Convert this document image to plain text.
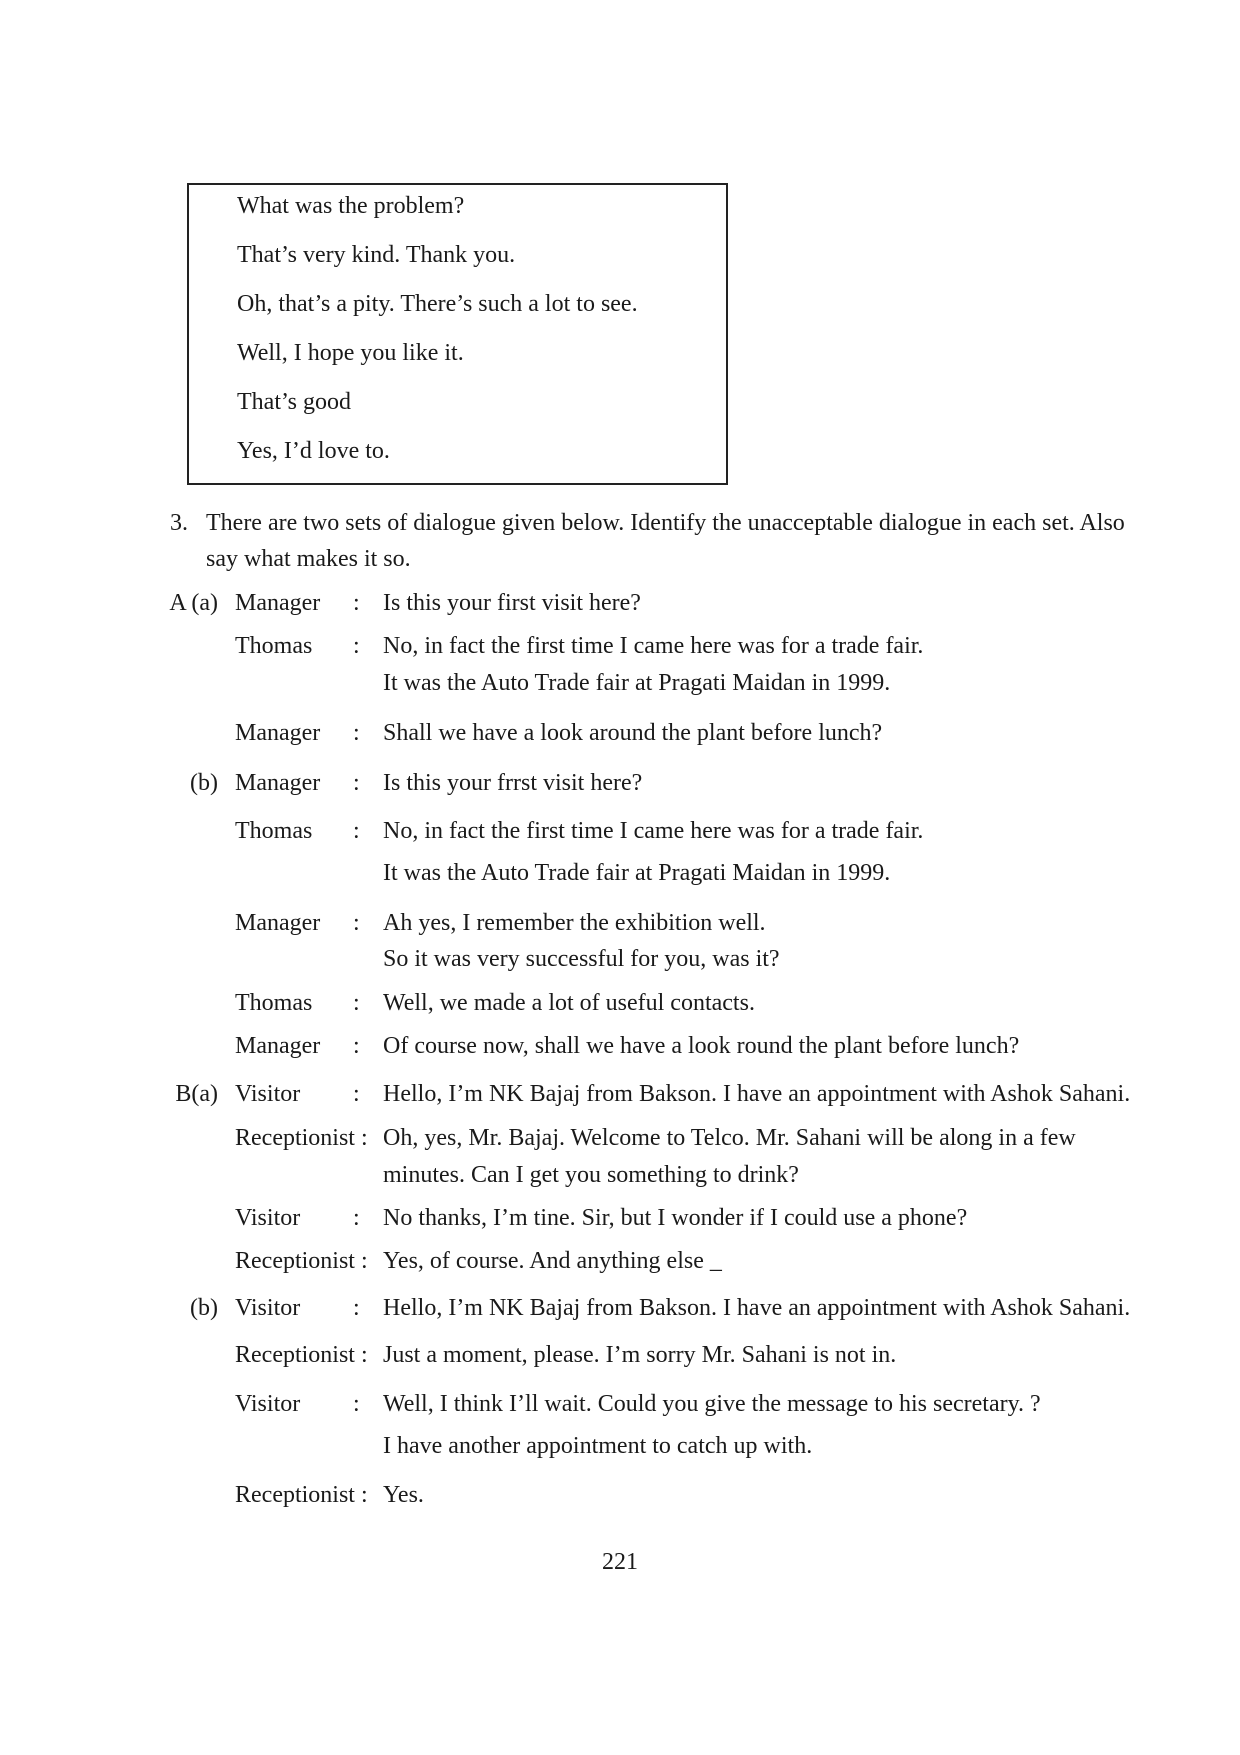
What was the problem?
That’s very kind. Thank you.
Oh, that’s a pity. There’s such a lot to see.
Well, I hope you like it.
That’s good
Yes, I’d love to.
3. There are two sets of dialogue given below. Identify the unacceptable dialogue in each set. Also say what makes it so.
A (a) Manager : Is this your first visit here?
Thomas : No, in fact the first time I came here was for a trade fair.
It was the Auto Trade fair at Pragati Maidan in 1999.
Manager : Shall we have a look around the plant before lunch?
(b) Manager : Is this your frrst visit here?
Thomas : No, in fact the first time I came here was for a trade fair.
It was the Auto Trade fair at Pragati Maidan in 1999.
Manager : Ah yes, I remember the exhibition well.
So it was very successful for you, was it?
Thomas : Well, we made a lot of useful contacts.
Manager : Of course now, shall we have a look round the plant before lunch?
B(a) Visitor : Hello, I’m NK Bajaj from Bakson. I have an appointment with Ashok Sahani.
Receptionist : Oh, yes, Mr. Bajaj. Welcome to Telco. Mr. Sahani will be along in a few
minutes. Can I get you something to drink?
Visitor : No thanks, I’m tine. Sir, but I wonder if I could use a phone?
Receptionist : Yes, of course. And anything else _
(b) Visitor : Hello, I’m NK Bajaj from Bakson. I have an appointment with Ashok Sahani.
Receptionist : Just a moment, please. I’m sorry Mr. Sahani is not in.
Visitor : Well, I think I’ll wait. Could you give the message to his secretary. ?
I have another appointment to catch up with.
Receptionist : Yes.
221
